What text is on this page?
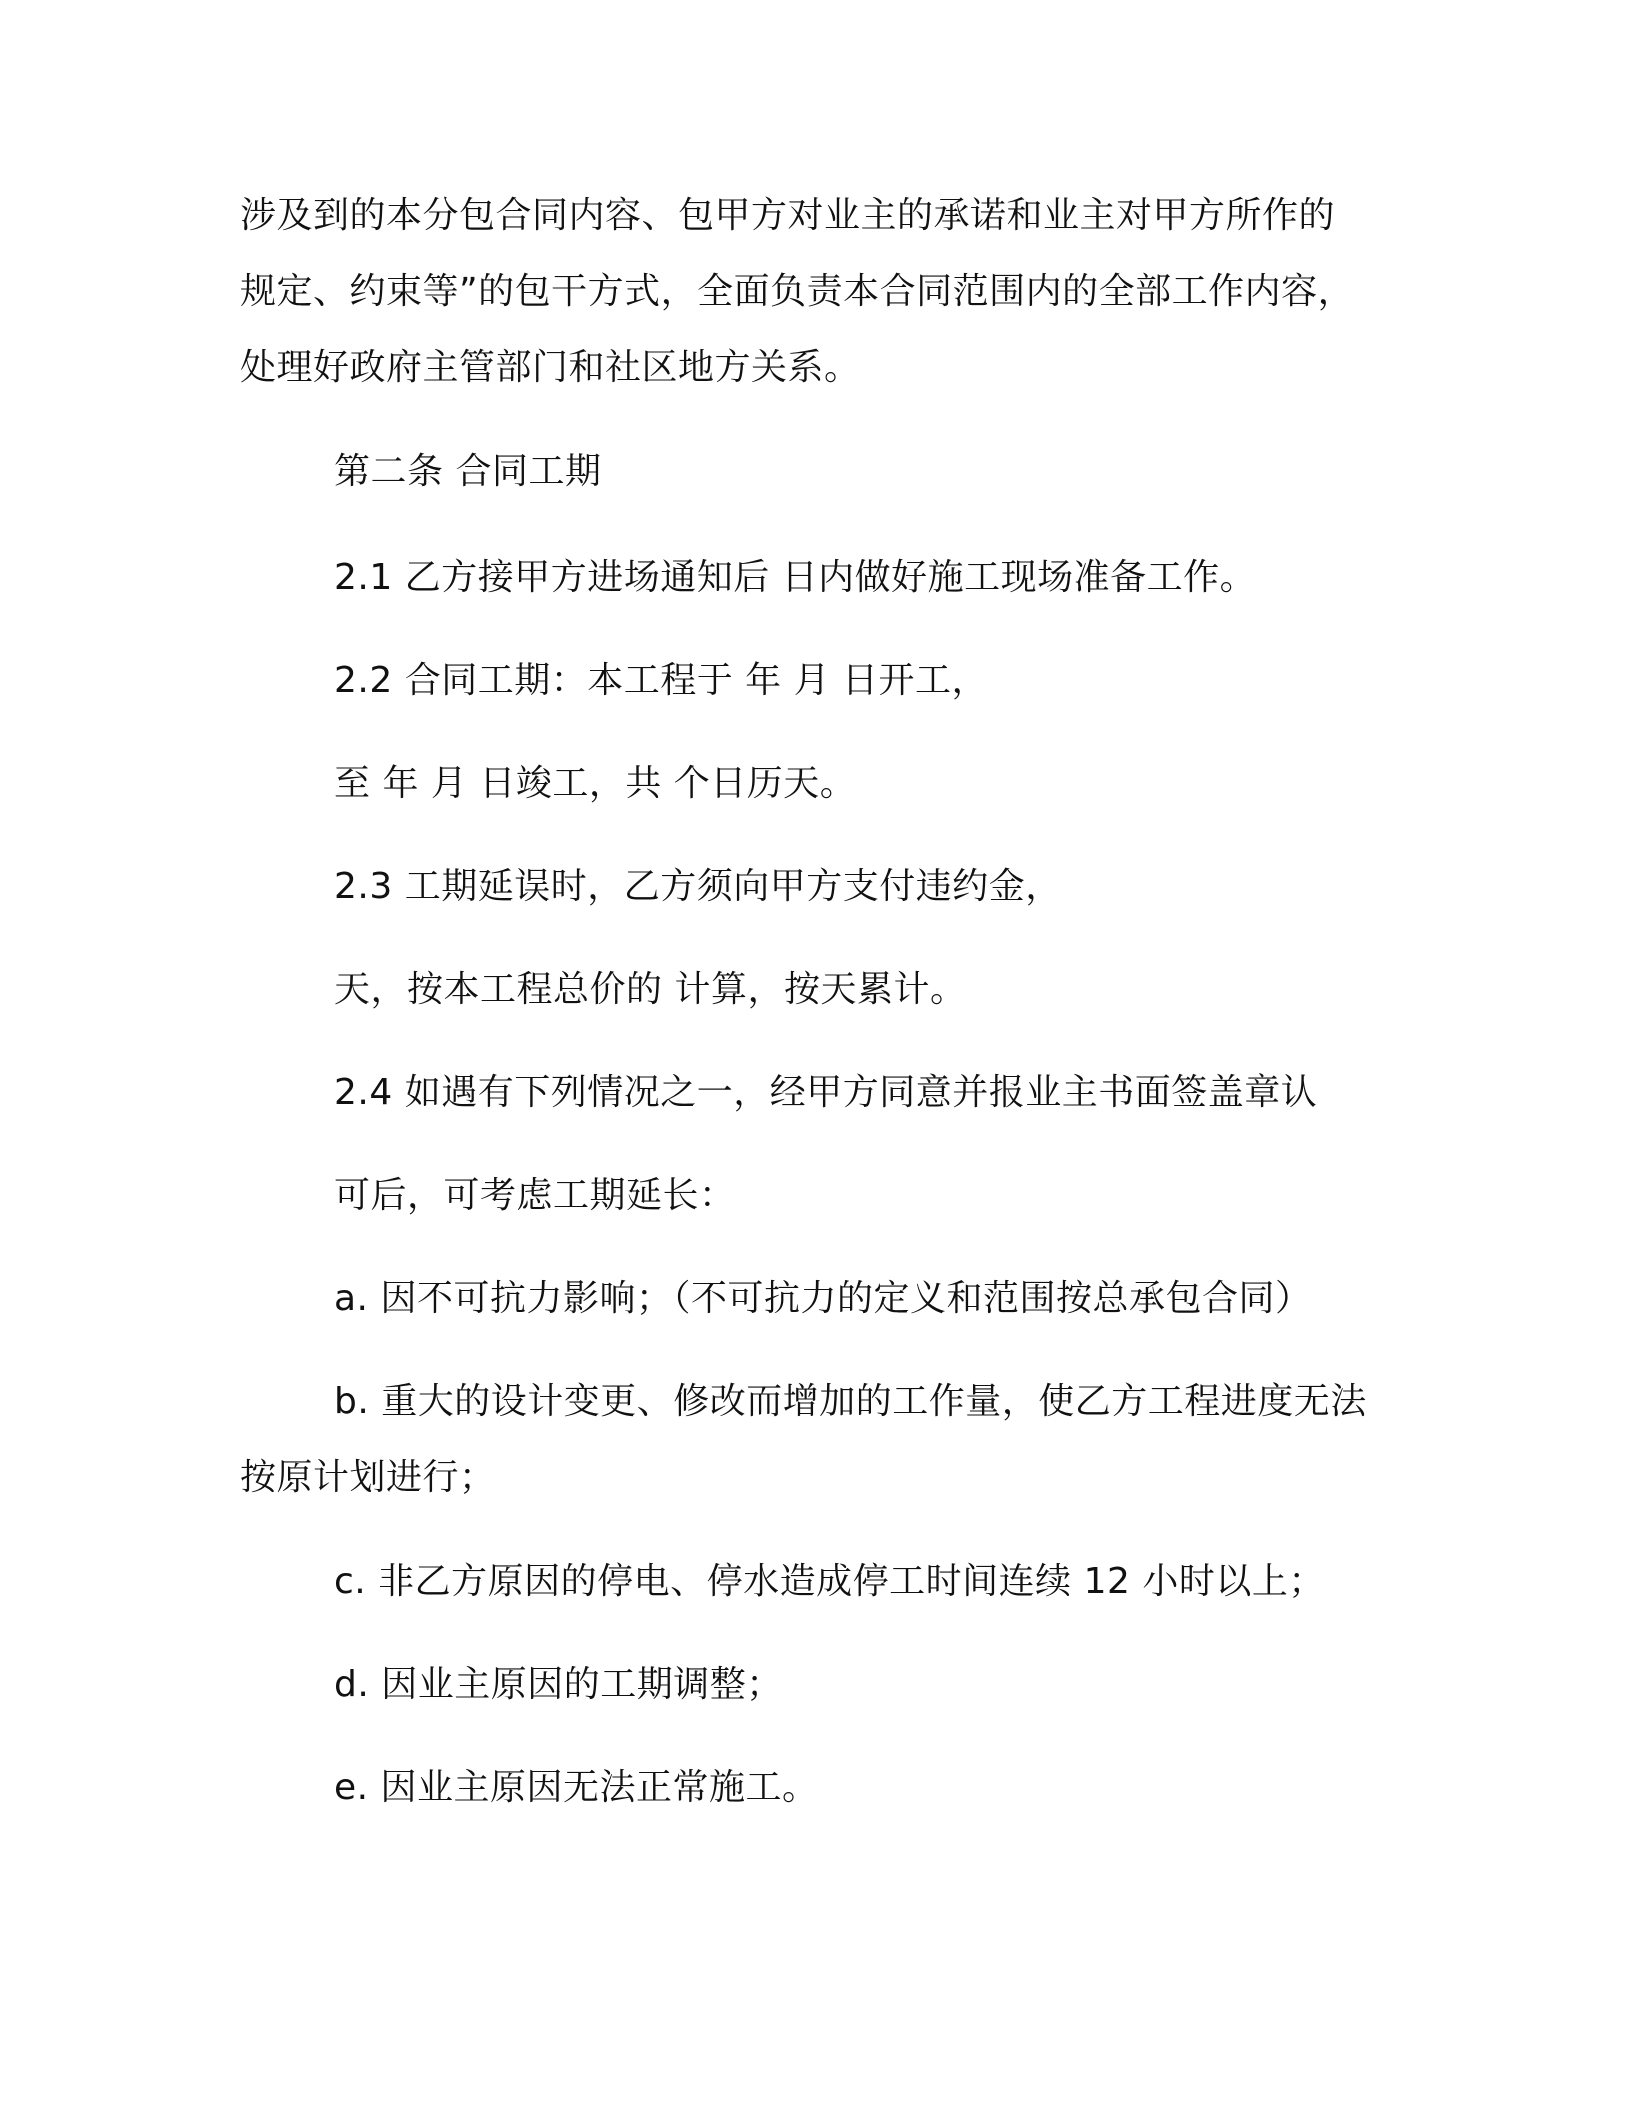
涉及到的本分包合同内容、包甲方对业主的承诺和业主对甲方所作的
规定、约束等”的包干方式，全面负责本合同范围内的全部工作内容，
处理好政府主管部门和社区地方关系。
第二条 合同工期
2.1 乙方接甲方进场通知后 日内做好施工现场准备工作。
2.2 合同工期：本工程于 年 月 日开工，
至 年 月 日竣工，共 个日历天。
2.3 工期延误时，乙方须向甲方支付违约金，
天，按本工程总价的 计算，按天累计。
2.4 如遇有下列情况之一，经甲方同意并报业主书面签盖章认
可后，可考虑工期延长：
a. 因不可抗力影响；（不可抗力的定义和范围按总承包合同）
b. 重大的设计变更、修改而增加的工作量，使乙方工程进度无法
按原计划进行；
c. 非乙方原因的停电、停水造成停工时间连续 12 小时以上；
d. 因业主原因的工期调整；
e. 因业主原因无法正常施工。
